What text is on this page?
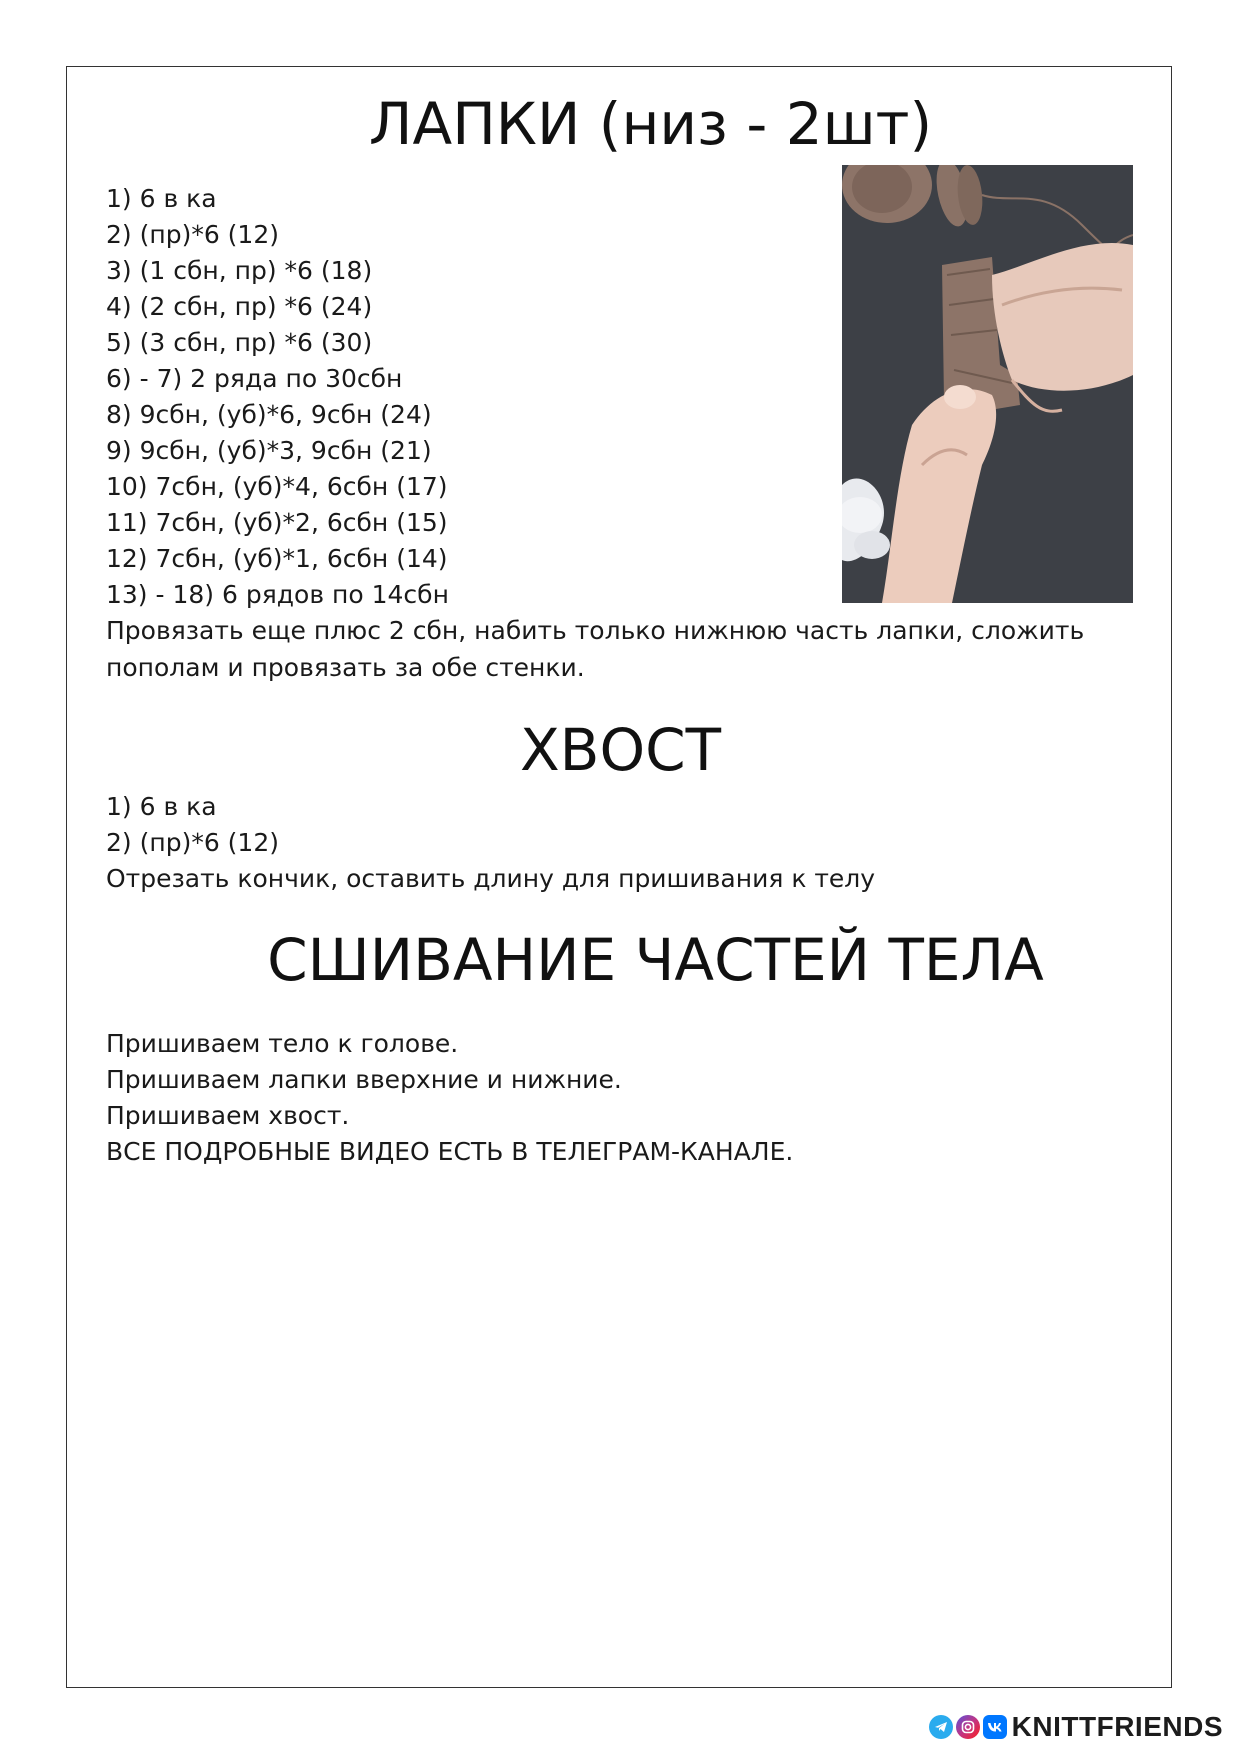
ЛАПКИ (низ - 2шт)
1) 6 в ка
2) (пр)*6 (12)
3) (1 сбн, пр) *6 (18)
4) (2 сбн, пр) *6 (24)
5) (3 сбн, пр) *6 (30)
6) - 7) 2 ряда по 30сбн
8) 9сбн, (уб)*6, 9сбн (24)
9) 9сбн, (уб)*3, 9сбн (21)
10) 7сбн, (уб)*4, 6сбн (17)
11) 7сбн, (уб)*2, 6сбн (15)
12) 7сбн, (уб)*1, 6сбн (14)
13) - 18) 6 рядов по 14сбн
Провязать еще плюс 2 сбн, набить только нижнюю часть лапки, сложить пополам и провязать за обе стенки.
ХВОСТ
1) 6 в ка
2) (пр)*6 (12)
Отрезать кончик, оставить длину для пришивания к телу
СШИВАНИЕ ЧАСТЕЙ ТЕЛА
Пришиваем тело к голове.
Пришиваем лапки вверхние и нижние.
Пришиваем хвост.
ВСЕ ПОДРОБНЫЕ ВИДЕО ЕСТЬ В ТЕЛЕГРАМ-КАНАЛЕ.
KNITTFRIENDS
